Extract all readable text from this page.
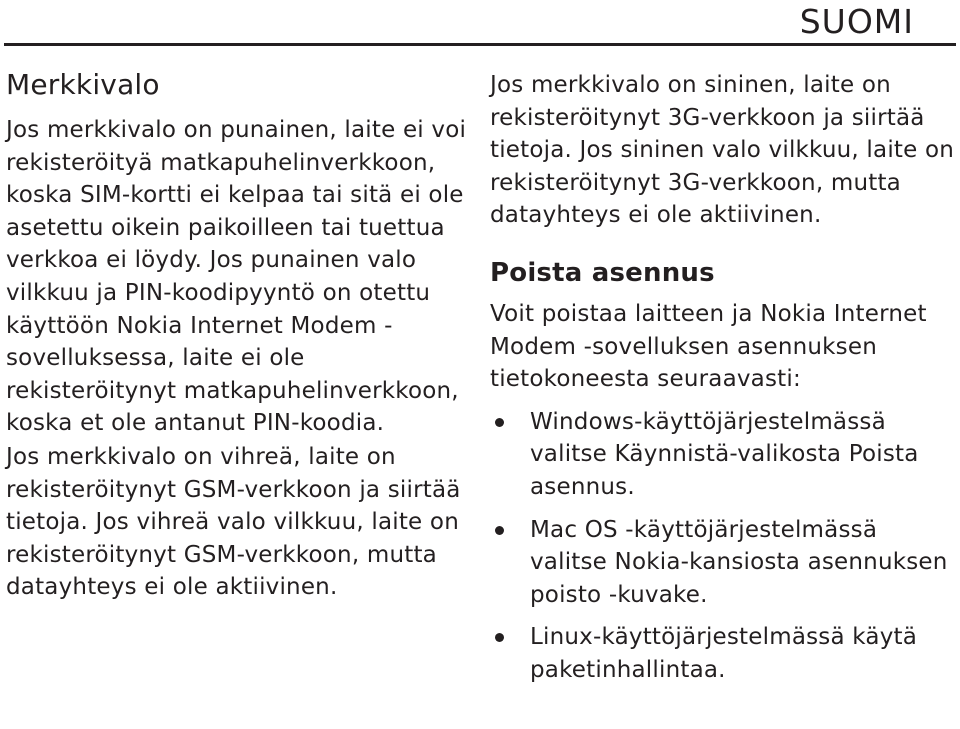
SUOMI
Merkkivalo

Jos merkkivalo on punainen, laite ei voi rekisteröityä matkapuhelinverkkoon, koska SIM-kortti ei kelpaa tai sitä ei ole asetettu oikein paikoilleen tai tuettua verkkoa ei löydy. Jos punainen valo vilkkuu ja PIN-koodipyyntö on otettu käyttöön Nokia Internet Modem -sovelluksessa, laite ei ole rekisteröitynyt matkapuhelinverkkoon, koska et ole antanut PIN-koodia.

Jos merkkivalo on vihreä, laite on rekisteröitynyt GSM-verkkoon ja siirtää tietoja. Jos vihreä valo vilkkuu, laite on rekisteröitynyt GSM-verkkoon, mutta datayhteys ei ole aktiivinen.

Jos merkkivalo on sininen, laite on rekisteröitynyt 3G-verkkoon ja siirtää tietoja. Jos sininen valo vilkkuu, laite on rekisteröitynyt 3G-verkkoon, mutta datayhteys ei ole aktiivinen.

Poista asennus

Voit poistaa laitteen ja Nokia Internet Modem -sovelluksen asennuksen tietokoneesta seuraavasti:

Windows-käyttöjärjestelmässä valitse Käynnistä-valikosta Poista asennus.
Mac OS -käyttöjärjestelmässä valitse Nokia-kansiosta asennuksen poisto -kuvake.
Linux-käyttöjärjestelmässä käytä paketinhallintaa.
